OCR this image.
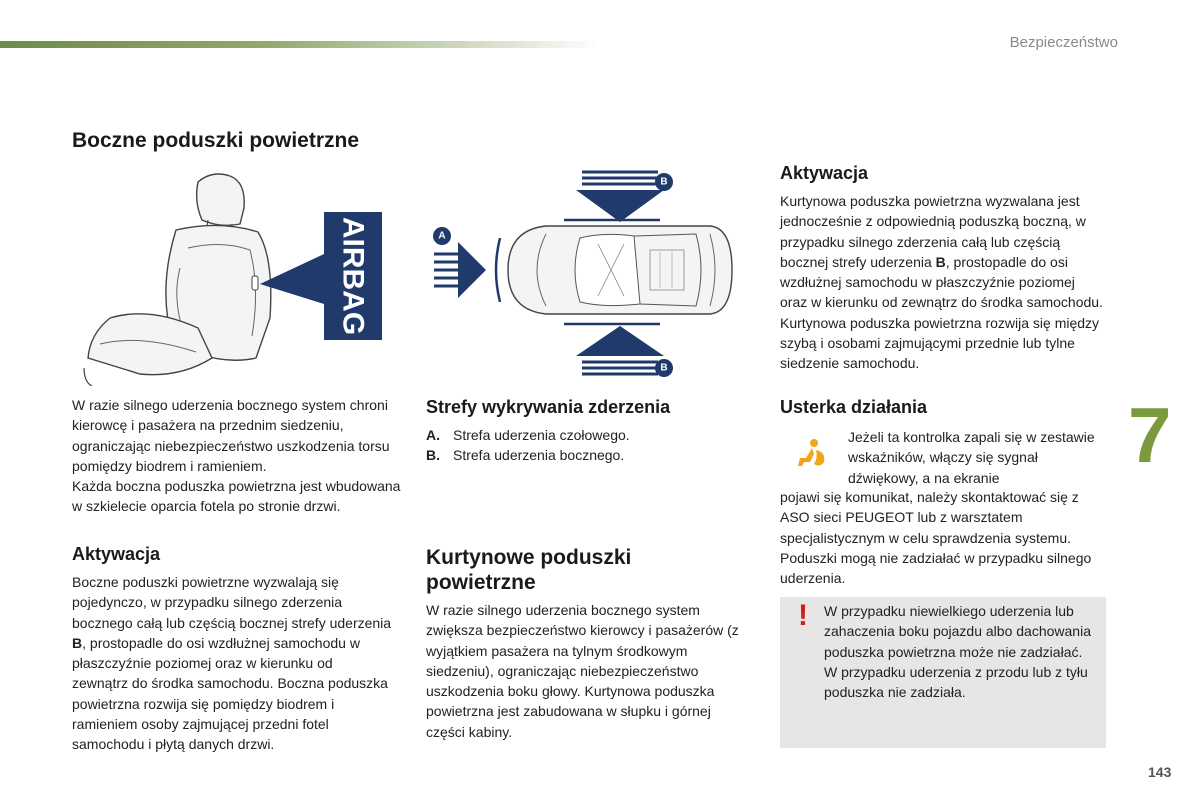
Bezpieczeństwo
7
143
Boczne poduszki powietrzne
AIRBAG

W razie silnego uderzenia bocznego system chroni kierowcę i pasażera na przednim siedzeniu, ograniczając niebezpieczeństwo uszkodzenia torsu pomiędzy biodrem i ramieniem.

Każda boczna poduszka powietrzna jest wbudowana w szkielecie oparcia fotela po stronie drzwi.

Aktywacja

Boczne poduszki powietrzne wyzwalają się pojedynczo, w przypadku silnego zderzenia bocznego całą lub częścią bocznej strefy uderzenia B, prostopadle do osi wzdłużnej samochodu w płaszczyźnie poziomej oraz w kierunku od zewnątrz do środka samochodu. Boczna poduszka powietrzna rozwija się pomiędzy biodrem i ramieniem osoby zajmującej przedni fotel samochodu i płytą danych drzwi.

B
B
A
Strefy wykrywania zderzenia
A. Strefa uderzenia czołowego.
B. Strefa uderzenia bocznego.
Kurtynowe poduszki powietrzne

W razie silnego uderzenia bocznego system zwiększa bezpieczeństwo kierowcy i pasażerów (z wyjątkiem pasażera na tylnym środkowym siedzeniu), ograniczając niebezpieczeństwo uszkodzenia boku głowy. Kurtynowa poduszka powietrzna jest zabudowana w słupku i górnej części kabiny.

Aktywacja

Kurtynowa poduszka powietrzna wyzwalana jest jednocześnie z odpowiednią poduszką boczną, w przypadku silnego zderzenia całą lub częścią bocznej strefy uderzenia B, prostopadle do osi wzdłużnej samochodu w płaszczyźnie poziomej oraz w kierunku od zewnątrz do środka samochodu. Kurtynowa poduszka powietrzna rozwija się między szybą i osobami zajmującymi przednie lub tylne siedzenie samochodu.

Usterka działania

Jeżeli ta kontrolka zapali się w zestawie wskaźników, włączy się sygnał dźwiękowy, a na ekranie

pojawi się komunikat, należy skontaktować się z ASO sieci PEUGEOT lub z warsztatem specjalistycznym w celu sprawdzenia systemu. Poduszki mogą nie zadziałać w przypadku silnego uderzenia.

! W przypadku niewielkiego uderzenia lub zahaczenia boku pojazdu albo dachowania poduszka powietrzna może nie zadziałać.

W przypadku uderzenia z przodu lub z tyłu poduszka nie zadziała.
